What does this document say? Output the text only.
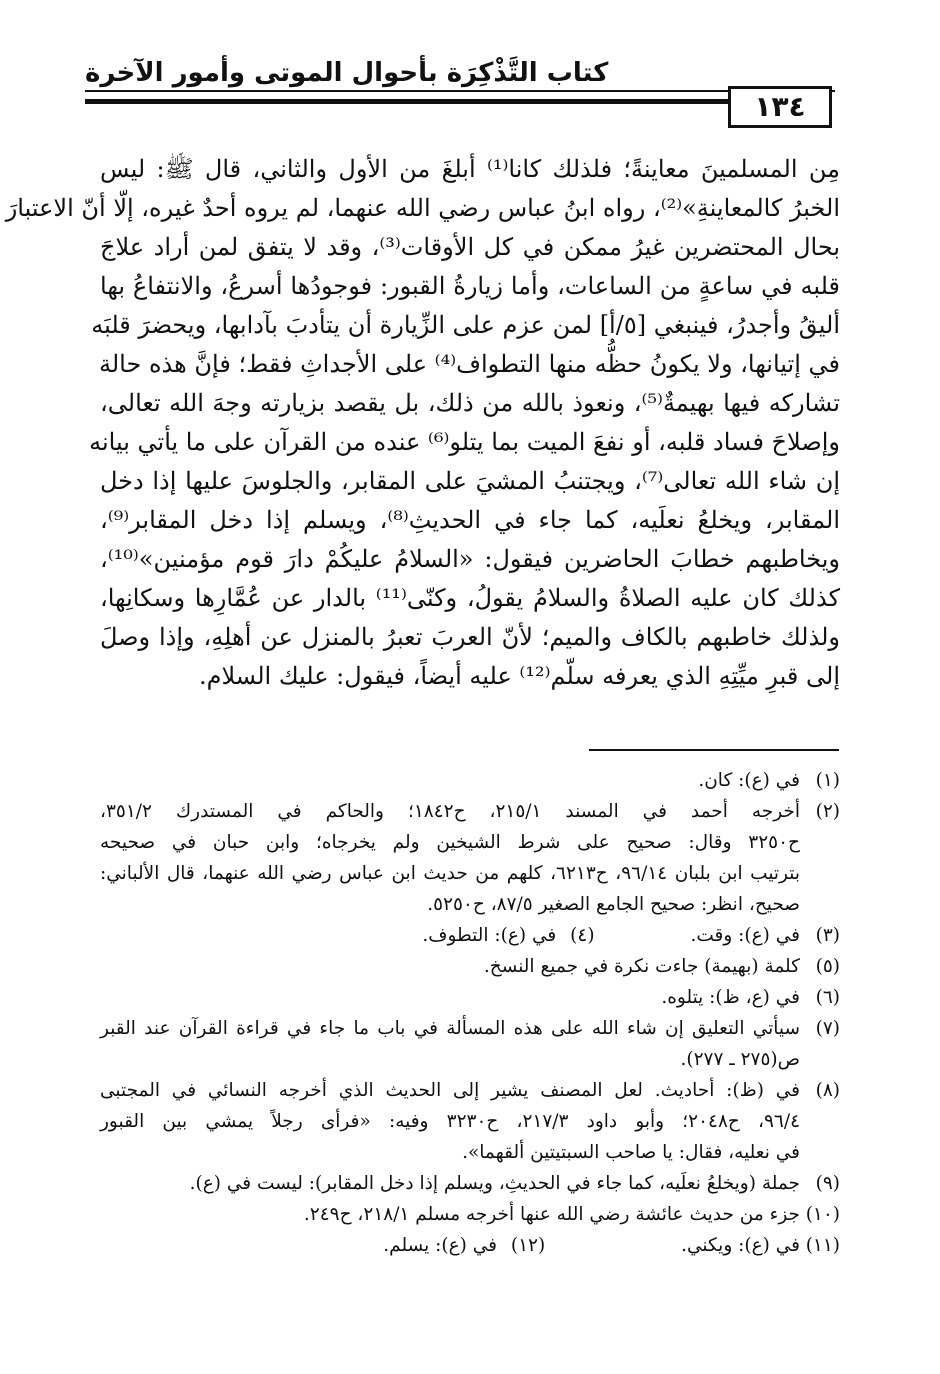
كتاب التَّذْكِرَة بأحوال الموتى وأمور الآخرة
١٣٤
مِن المسلمينَ معاينةً؛ فلذلك كانا⁽¹⁾ أبلغَ من الأول والثاني، قال ﷺ: ليس
الخبرُ كالمعاينةِ»⁽²⁾، رواه ابنُ عباس رضي الله عنهما، لم يروه أحدٌ غيره، إلّا أنّ الاعتبارَ
بحال المحتضرين غيرُ ممكن في كل الأوقات⁽³⁾، وقد لا يتفق لمن أراد علاجَ
قلبه في ساعةٍ من الساعات، وأما زيارةُ القبور: فوجودُها أسرعُ، والانتفاعُ بها
أليقُ وأجدرُ، فينبغي [٥/أ] لمن عزم على الزِّيارة أن يتأدبَ بآدابها، ويحضرَ قلبَه
في إتيانها، ولا يكونُ حظُّه منها التطواف⁽⁴⁾ على الأجداثِ فقط؛ فإنَّ هذه حالة
تشاركه فيها بهيمةٌ⁽⁵⁾، ونعوذ بالله من ذلك، بل يقصد بزيارته وجهَ الله تعالى،
وإصلاحَ فساد قلبه، أو نفعَ الميت بما يتلو⁽⁶⁾ عنده من القرآن على ما يأتي بيانه
إن شاء الله تعالى⁽⁷⁾، ويجتنبُ المشيَ على المقابر، والجلوسَ عليها إذا دخل
المقابر، ويخلعُ نعلَيه، كما جاء في الحديثِ⁽⁸⁾، ويسلم إذا دخل المقابر⁽⁹⁾،
ويخاطبهم خطابَ الحاضرين فيقول: «السلامُ عليكُمْ دارَ قوم مؤمنين»⁽¹⁰⁾،
كذلك كان عليه الصلاةُ والسلامُ يقولُ، وكنّى⁽¹¹⁾ بالدار عن عُمَّارِها وسكانِها،
ولذلك خاطبهم بالكاف والميم؛ لأنّ العربَ تعبرُ بالمنزل عن أهلِهِ، وإذا وصلَ
إلى قبرِ ميِّتِهِ الذي يعرفه سلّم⁽¹²⁾ عليه أيضاً، فيقول: عليك السلام.
(١)
في (ع): كان.
(٢)
أخرجه أحمد في المسند ٢١٥/١، ح١٨٤٢؛ والحاكم في المستدرك ٣٥١/٢،
ح٣٢٥٠ وقال: صحيح على شرط الشيخين ولم يخرجاه؛ وابن حبان في صحيحه
بترتيب ابن بلبان ٩٦/١٤، ح٦٢١٣، كلهم من حديث ابن عباس رضي الله عنهما، قال الألباني:
صحيح، انظر: صحيح الجامع الصغير ٨٧/٥، ح٥٢٥٠.
(٣)
في (ع): وقت. (٤) في (ع): التطوف.
(٥)
كلمة (بهيمة) جاءت نكرة في جميع النسخ.
(٦)
في (ع، ظ): يتلوه.
(٧)
سيأتي التعليق إن شاء الله على هذه المسألة في باب ما جاء في قراءة القرآن عند القبر
ص(٢٧٥ ـ ٢٧٧).
(٨)
في (ظ): أحاديث. لعل المصنف يشير إلى الحديث الذي أخرجه النسائي في المجتبى
٩٦/٤، ح٢٠٤٨؛ وأبو داود ٢١٧/٣، ح٣٢٣٠ وفيه: «فرأى رجلاً يمشي بين القبور
في نعليه، فقال: يا صاحب السبتيتين ألقهما».
(٩)
جملة (ويخلعُ نعلَيه، كما جاء في الحديثِ، ويسلم إذا دخل المقابر): ليست في (ع).
(١٠)
جزء من حديث عائشة رضي الله عنها أخرجه مسلم ٢١٨/١، ح٢٤٩.
(١١)
في (ع): ويكني. (١٢) في (ع): يسلم.
